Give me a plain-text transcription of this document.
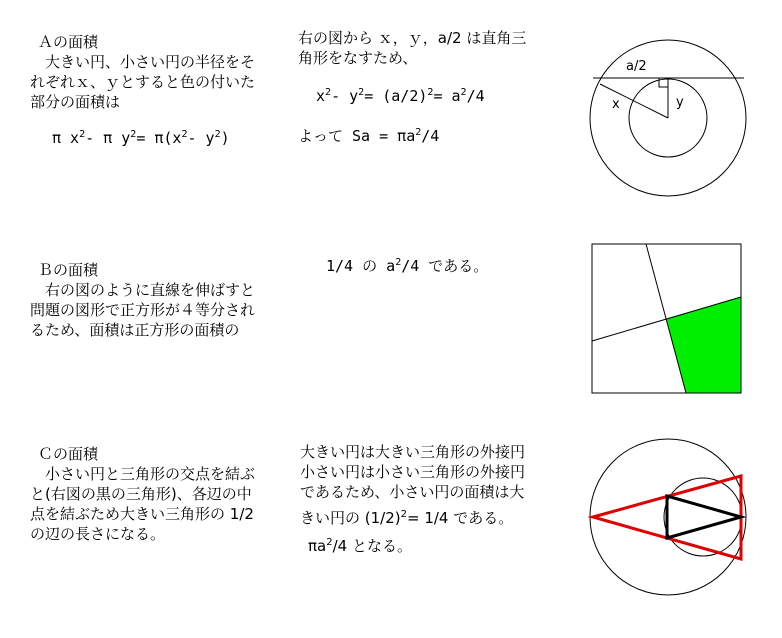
Ａの面積
　大きい円、小さい円の半径をそ
れぞれｘ、ｙとすると色の付いた
部分の面積は
π $x^2-$ π $y^2= \pi(x^2-$ $y^2$)
右の図から ｘ，ｙ，a/2 は直角三
角形をなすため、
$x^2-$ $y^2= (a/2)^2= a^2/4$
よって $Sa = \pi a^2/4$
a/2
x	y
Ｂの面積
　右の図のように直線を伸ばすと
問題の図形で正方形が４等分され
るため、面積は正方形の面積の
1/4 の $a^2/4$ である。
Ｃの面積
　小さい円と三角形の交点を結ぶ
と(右図の黒の三角形)、各辺の中
点を結ぶため大きい三角形の 1/2
の辺の長さになる。
大きい円は大きい三角形の外接円
小さい円は小さい三角形の外接円
であるため、小さい円の面積は大
きい円の $(1/2)^2= 1/4$ である。
$\pi a^2/4$ となる。
